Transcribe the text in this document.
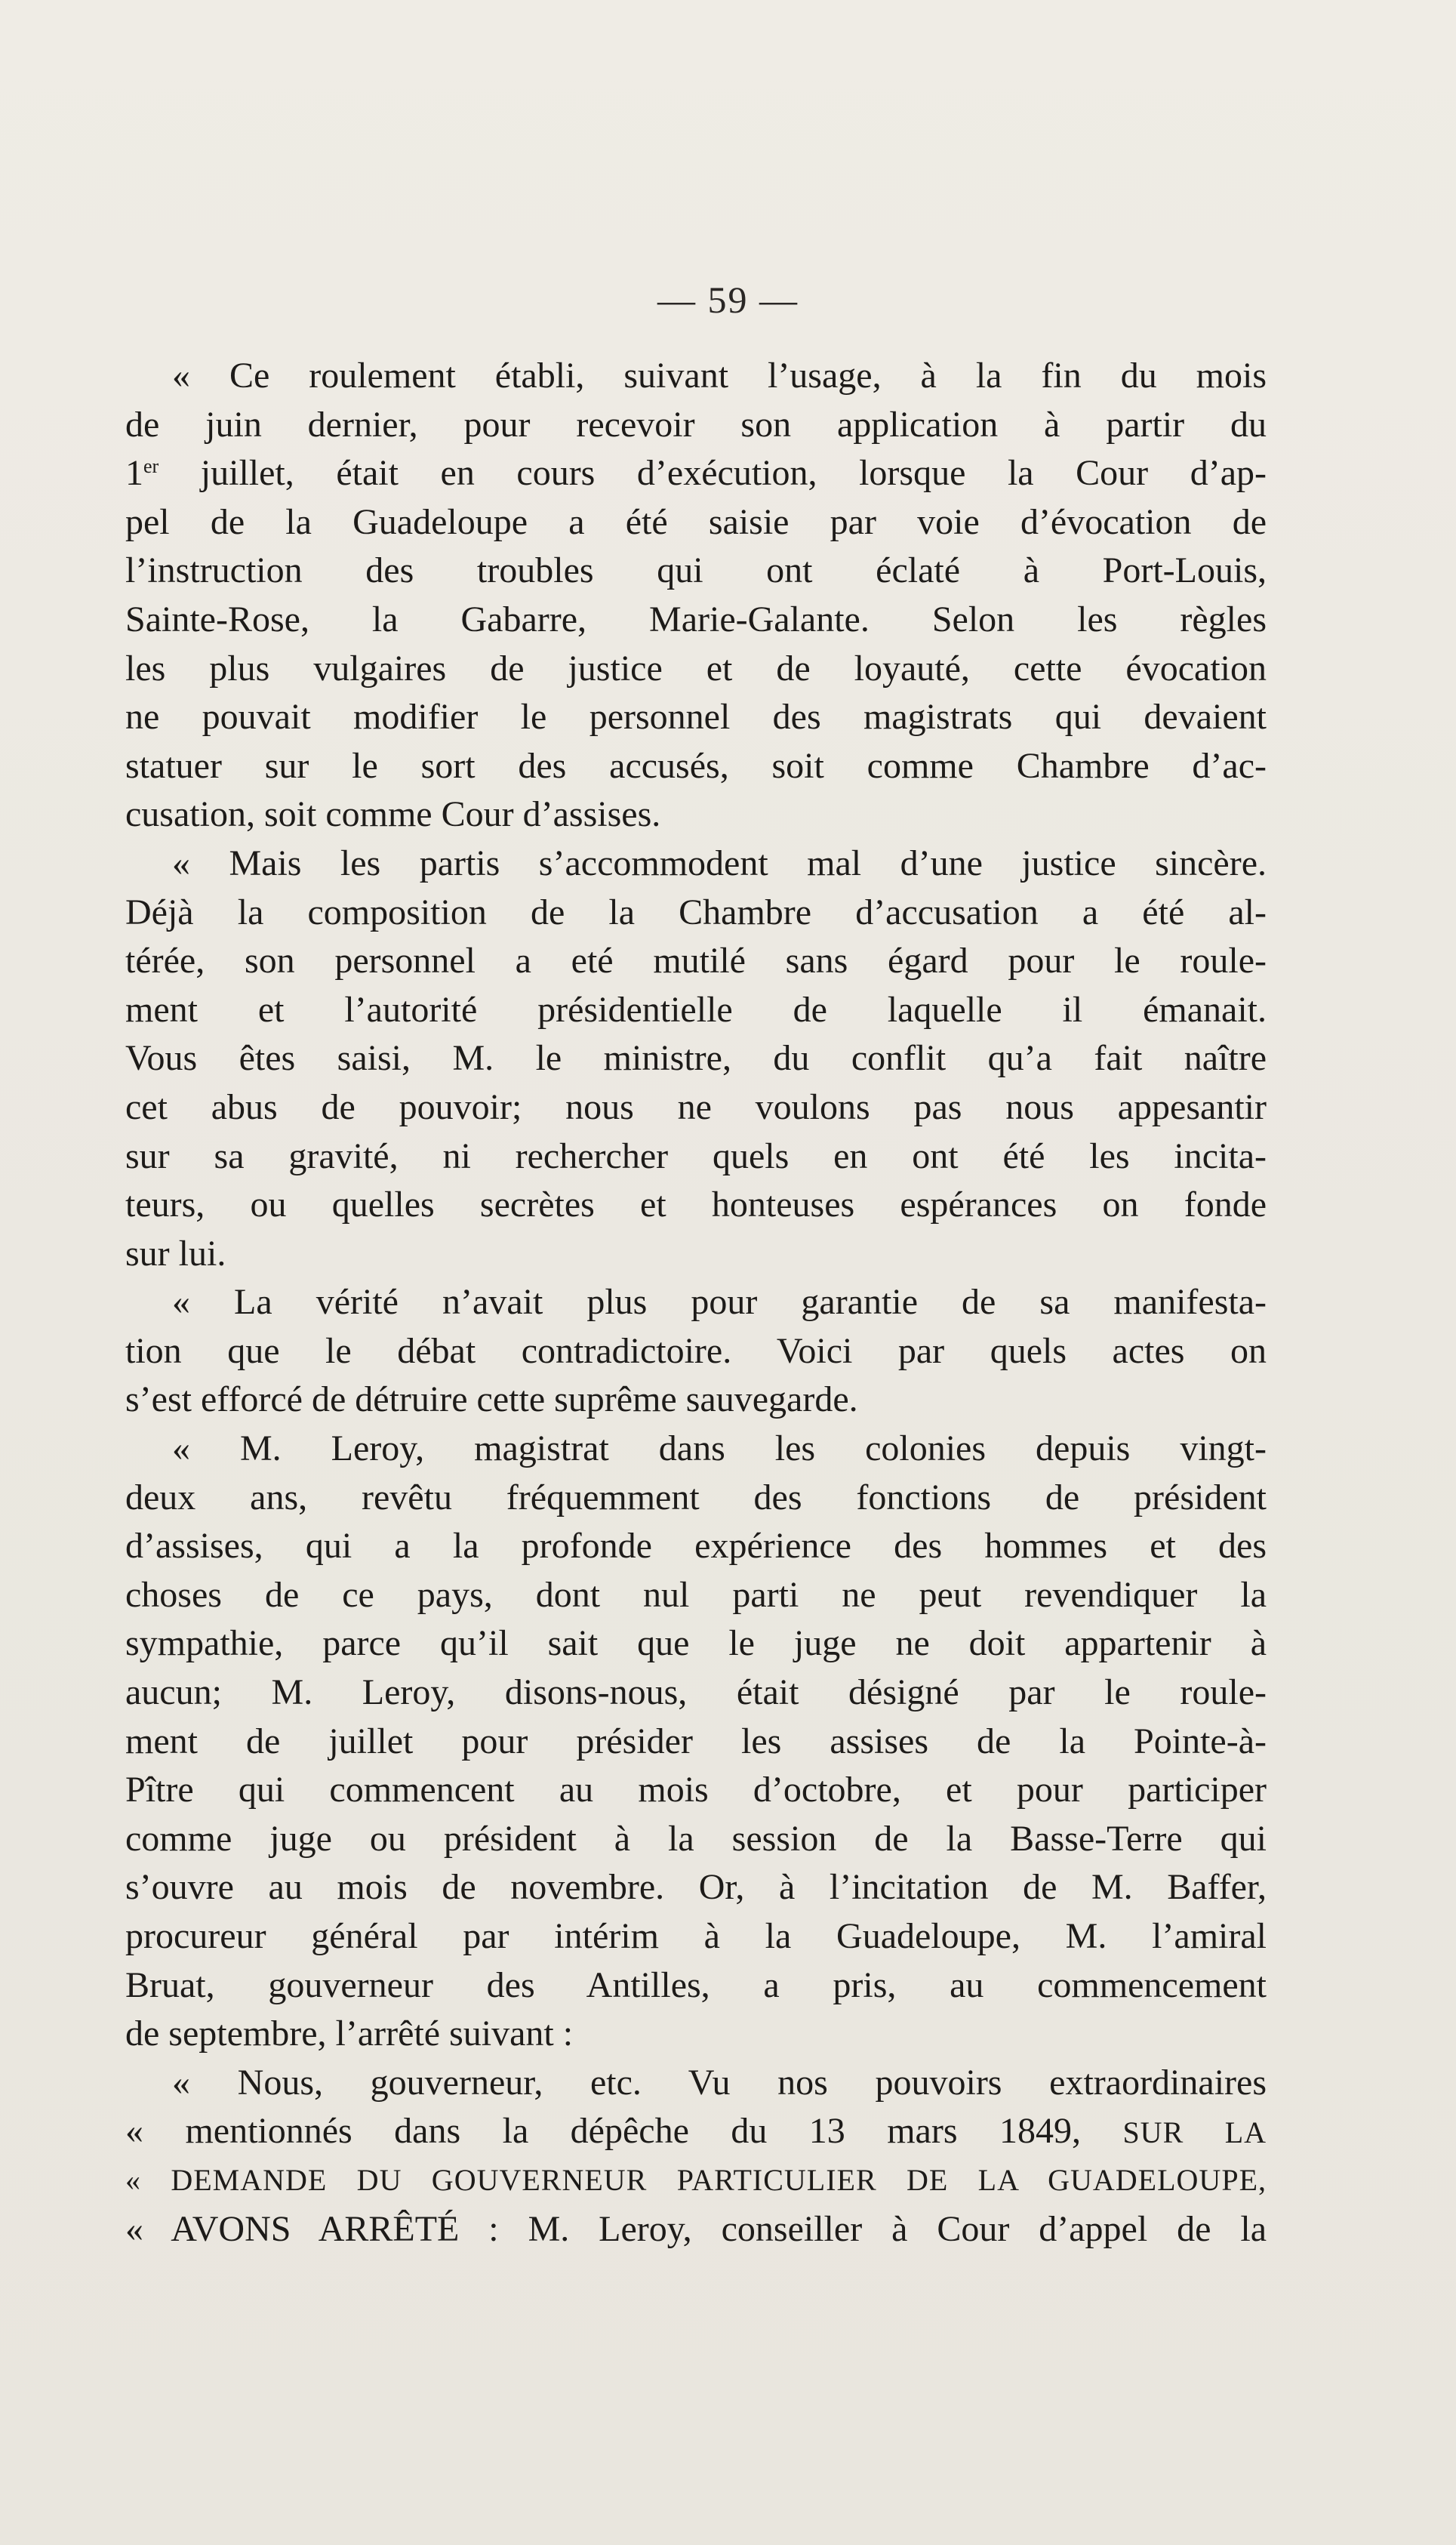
— 59 —
« Ce roulement établi, suivant l’usage, à la fin du mois
de juin dernier, pour recevoir son application à partir du
1er juillet, était en cours d’exécution, lorsque la Cour d’ap-
pel de la Guadeloupe a été saisie par voie d’évocation de
l’instruction des troubles qui ont éclaté à Port-Louis,
Sainte-Rose, la Gabarre, Marie-Galante. Selon les règles
les plus vulgaires de justice et de loyauté, cette évocation
ne pouvait modifier le personnel des magistrats qui devaient
statuer sur le sort des accusés, soit comme Chambre d’ac-
cusation, soit comme Cour d’assises.
« Mais les partis s’accommodent mal d’une justice sincère.
Déjà la composition de la Chambre d’accusation a été al-
térée, son personnel a eté mutilé sans égard pour le roule-
ment et l’autorité présidentielle de laquelle il émanait.
Vous êtes saisi, M. le ministre, du conflit qu’a fait naître
cet abus de pouvoir; nous ne voulons pas nous appesantir
sur sa gravité, ni rechercher quels en ont été les incita-
teurs, ou quelles secrètes et honteuses espérances on fonde
sur lui.
« La vérité n’avait plus pour garantie de sa manifesta-
tion que le débat contradictoire. Voici par quels actes on
s’est efforcé de détruire cette suprême sauvegarde.
« M. Leroy, magistrat dans les colonies depuis vingt-
deux ans, revêtu fréquemment des fonctions de président
d’assises, qui a la profonde expérience des hommes et des
choses de ce pays, dont nul parti ne peut revendiquer la
sympathie, parce qu’il sait que le juge ne doit appartenir à
aucun; M. Leroy, disons-nous, était désigné par le roule-
ment de juillet pour présider les assises de la Pointe-à-
Pître qui commencent au mois d’octobre, et pour participer
comme juge ou président à la session de la Basse-Terre qui
s’ouvre au mois de novembre. Or, à l’incitation de M. Baffer,
procureur général par intérim à la Guadeloupe, M. l’amiral
Bruat, gouverneur des Antilles, a pris, au commencement
de septembre, l’arrêté suivant :
« Nous, gouverneur, etc. Vu nos pouvoirs extraordinaires
« mentionnés dans la dépêche du 13 mars 1849, SUR LA
« DEMANDE DU GOUVERNEUR PARTICULIER DE LA GUADELOUPE,
« AVONS ARRÊTÉ : M. Leroy, conseiller à Cour d’appel de la
